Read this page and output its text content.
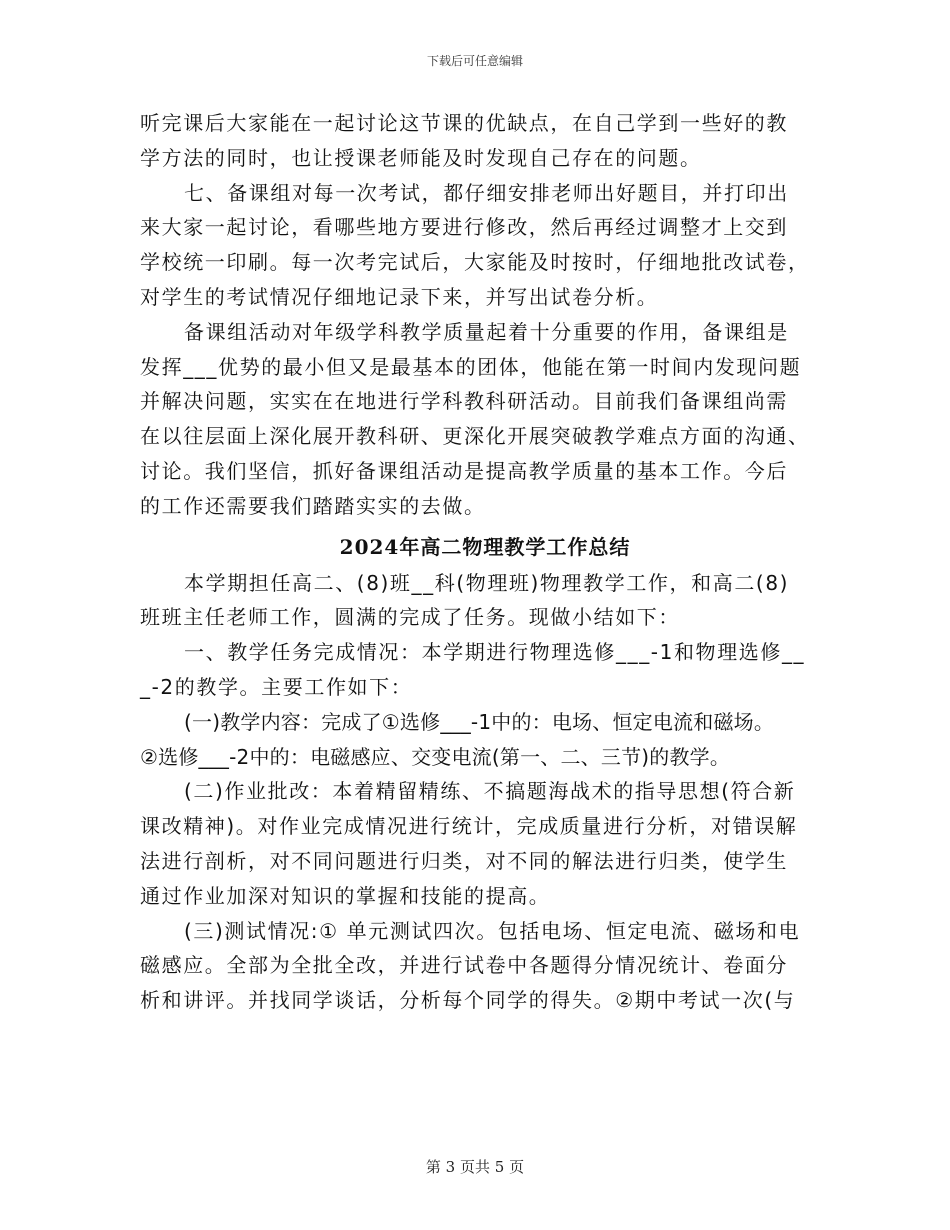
下载后可任意编辑
听完课后大家能在一起讨论这节课的优缺点，在自己学到一些好的教
学方法的同时，也让授课老师能及时发现自己存在的问题。
七、备课组对每一次考试，都仔细安排老师出好题目，并打印出
来大家一起讨论，看哪些地方要进行修改，然后再经过调整才上交到
学校统一印刷。每一次考完试后，大家能及时按时，仔细地批改试卷，
对学生的考试情况仔细地记录下来，并写出试卷分析。
备课组活动对年级学科教学质量起着十分重要的作用，备课组是
发挥___优势的最小但又是最基本的团体，他能在第一时间内发现问题
并解决问题，实实在在地进行学科教科研活动。目前我们备课组尚需
在以往层面上深化展开教科研、更深化开展突破教学难点方面的沟通、
讨论。我们坚信，抓好备课组活动是提高教学质量的基本工作。今后
的工作还需要我们踏踏实实的去做。
2024年高二物理教学工作总结
本学期担任高二、(8)班__科(物理班)物理教学工作，和高二(8)
班班主任老师工作，圆满的完成了任务。现做小结如下：
一、教学任务完成情况：本学期进行物理选修___-1和物理选修__
_-2的教学。主要工作如下：
(一)教学内容：完成了①选修___-1中的：电场、恒定电流和磁场。
②选修___-2中的：电磁感应、交变电流(第一、二、三节)的教学。
(二)作业批改：本着精留精练、不搞题海战术的指导思想(符合新
课改精神)。对作业完成情况进行统计，完成质量进行分析，对错误解
法进行剖析，对不同问题进行归类，对不同的解法进行归类，使学生
通过作业加深对知识的掌握和技能的提高。
(三)测试情况:① 单元测试四次。包括电场、恒定电流、磁场和电
磁感应。全部为全批全改，并进行试卷中各题得分情况统计、卷面分
析和讲评。并找同学谈话，分析每个同学的得失。②期中考试一次(与
第 3 页共 5 页
